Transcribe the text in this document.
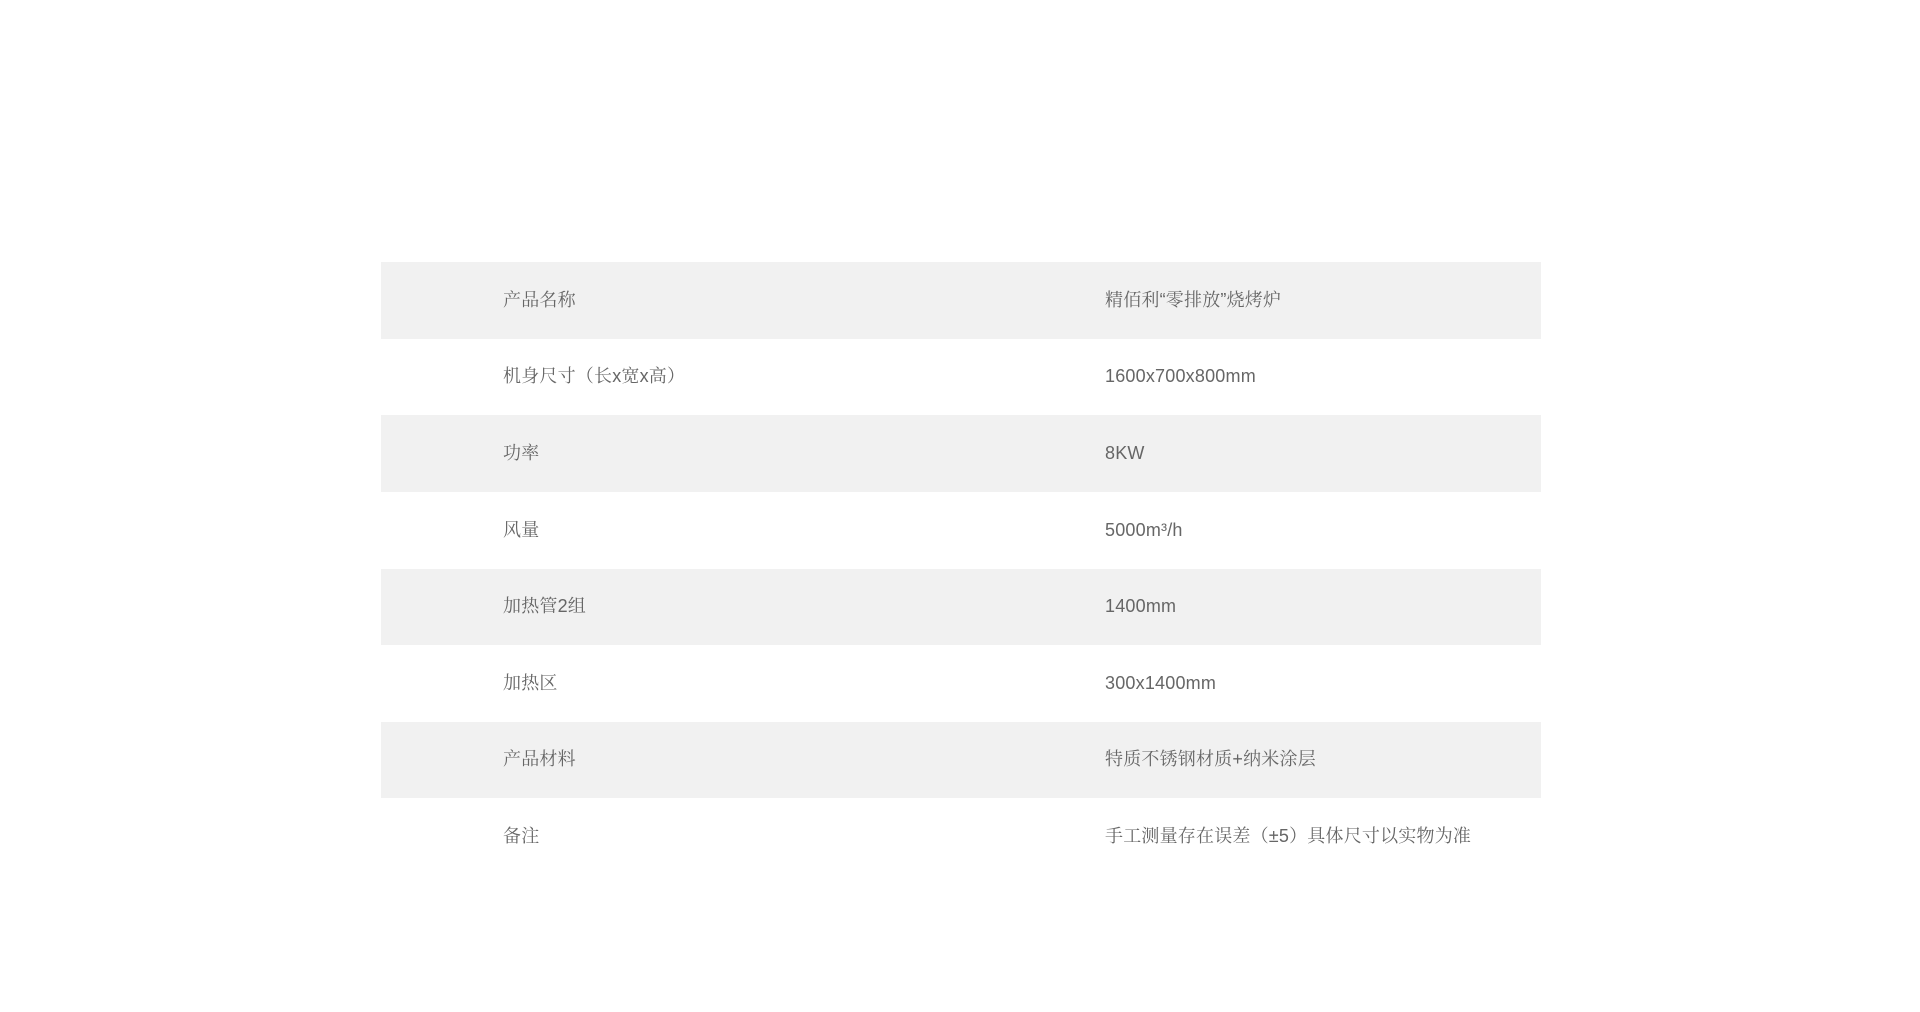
产品名称	精佰利“零排放”烧烤炉
机身尺寸（长x宽x高）	1600x700x800mm
功率	8KW
风量	5000m³/h
加热管2组	1400mm
加热区	300x1400mm
产品材料	特质不锈钢材质+纳米涂层
备注	手工测量存在误差（±5）具体尺寸以实物为准
